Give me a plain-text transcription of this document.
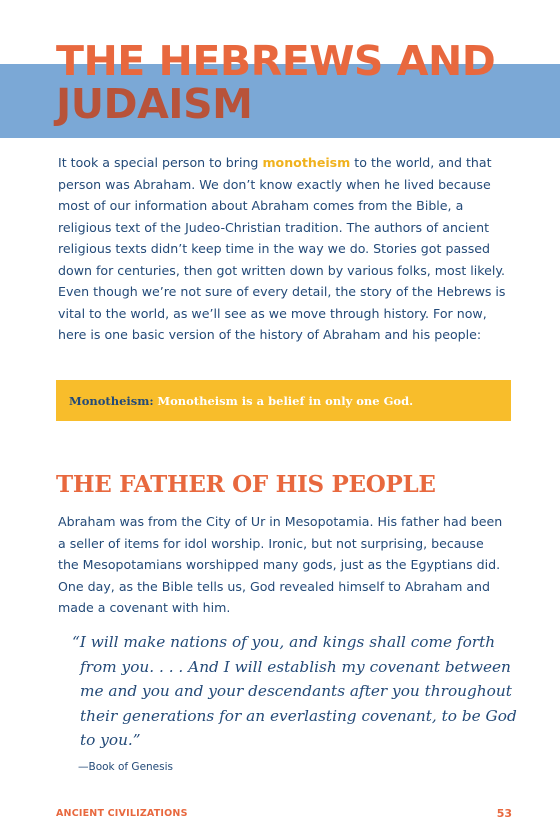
THE HEBREWS AND
JUDAISM

It took a special person to bring monotheism to the world, and that person was Abraham. We don’t know exactly when he lived because most of our information about Abraham comes from the Bible, a religious text of the Judeo-Christian tradition. The authors of ancient religious texts didn’t keep time in the way we do. Stories got passed down for centuries, then got written down by various folks, most likely. Even though we’re not sure of every detail, the story of the Hebrews is vital to the world, as we’ll see as we move through history. For now, here is one basic version of the history of Abraham and his people:

Monotheism:
Monotheism is a belief in only one God.
THE FATHER OF HIS PEOPLE

Abraham was from the City of Ur in Mesopotamia. His father had been a seller of items for idol worship. Ironic, but not surprising, because the Mesopotamians worshipped many gods, just as the Egyptians did. One day, as the Bible tells us, God revealed himself to Abraham and made a covenant with him.

“I will make nations of you, and kings shall come forth from you. . . . And I will establish my covenant between me and you and your descendants after you throughout their generations for an everlasting covenant, to be God to you.”

—Book of Genesis
ANCIENT CIVILIZATIONS	53
